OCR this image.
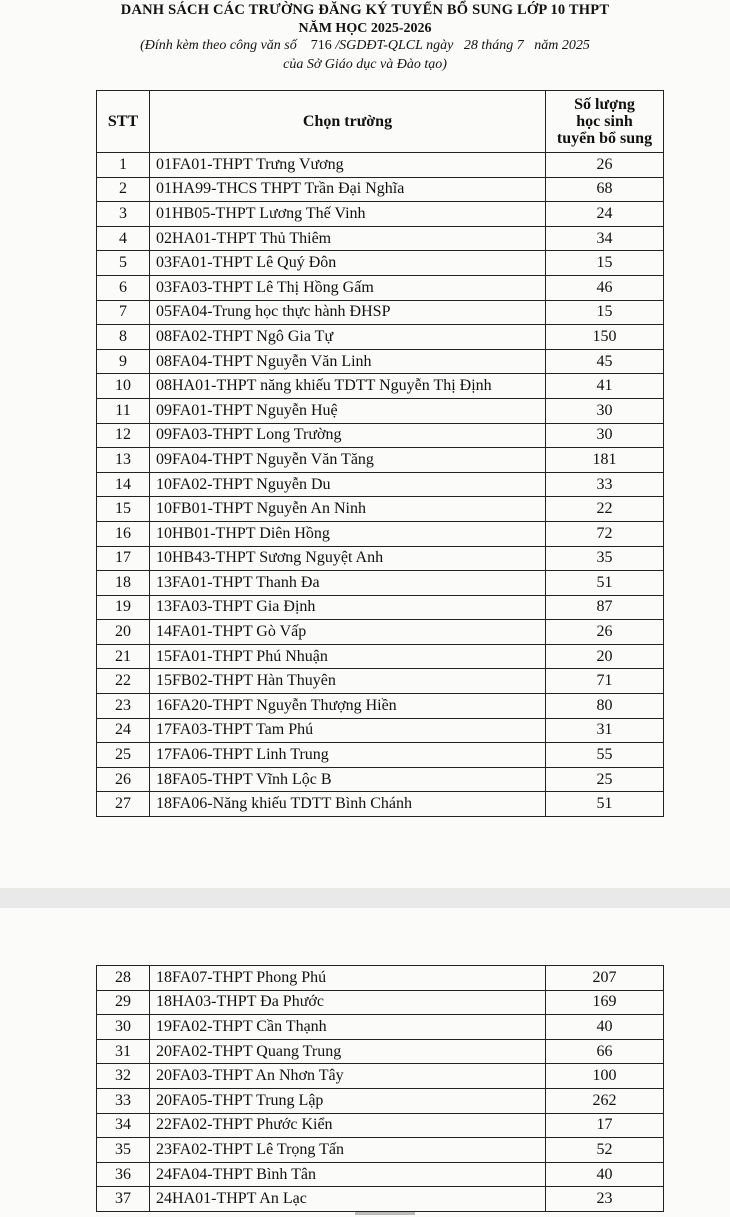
DANH SÁCH CÁC TRƯỜNG ĐĂNG KÝ TUYỂN BỔ SUNG LỚP 10 THPT
NĂM HỌC 2025-2026
(Đính kèm theo công văn số 716 /SGDĐT-QLCL ngày 28 tháng 7 năm 2025
của Sở Giáo dục và Đào tạo)
STT	Chọn trường	Số lượng
học sinh
tuyển bổ sung

1	01FA01-THPT Trưng Vương	26
2	01HA99-THCS THPT Trần Đại Nghĩa	68
3	01HB05-THPT Lương Thế Vinh	24
4	02HA01-THPT Thủ Thiêm	34
5	03FA01-THPT Lê Quý Đôn	15
6	03FA03-THPT Lê Thị Hồng Gấm	46
7	05FA04-Trung học thực hành ĐHSP	15
8	08FA02-THPT Ngô Gia Tự	150
9	08FA04-THPT Nguyễn Văn Linh	45
10	08HA01-THPT năng khiếu TDTT Nguyễn Thị Định	41
11	09FA01-THPT Nguyễn Huệ	30
12	09FA03-THPT Long Trường	30
13	09FA04-THPT Nguyễn Văn Tăng	181
14	10FA02-THPT Nguyễn Du	33
15	10FB01-THPT Nguyễn An Ninh	22
16	10HB01-THPT Diên Hồng	72
17	10HB43-THPT Sương Nguyệt Anh	35
18	13FA01-THPT Thanh Đa	51
19	13FA03-THPT Gia Định	87
20	14FA01-THPT Gò Vấp	26
21	15FA01-THPT Phú Nhuận	20
22	15FB02-THPT Hàn Thuyên	71
23	16FA20-THPT Nguyễn Thượng Hiền	80
24	17FA03-THPT Tam Phú	31
25	17FA06-THPT Linh Trung	55
26	18FA05-THPT Vĩnh Lộc B	25
27	18FA06-Năng khiếu TDTT Bình Chánh	51
28	18FA07-THPT Phong Phú	207
29	18HA03-THPT Đa Phước	169
30	19FA02-THPT Cần Thạnh	40
31	20FA02-THPT Quang Trung	66
32	20FA03-THPT An Nhơn Tây	100
33	20FA05-THPT Trung Lập	262
34	22FA02-THPT Phước Kiển	17
35	23FA02-THPT Lê Trọng Tấn	52
36	24FA04-THPT Bình Tân	40
37	24HA01-THPT An Lạc	23
